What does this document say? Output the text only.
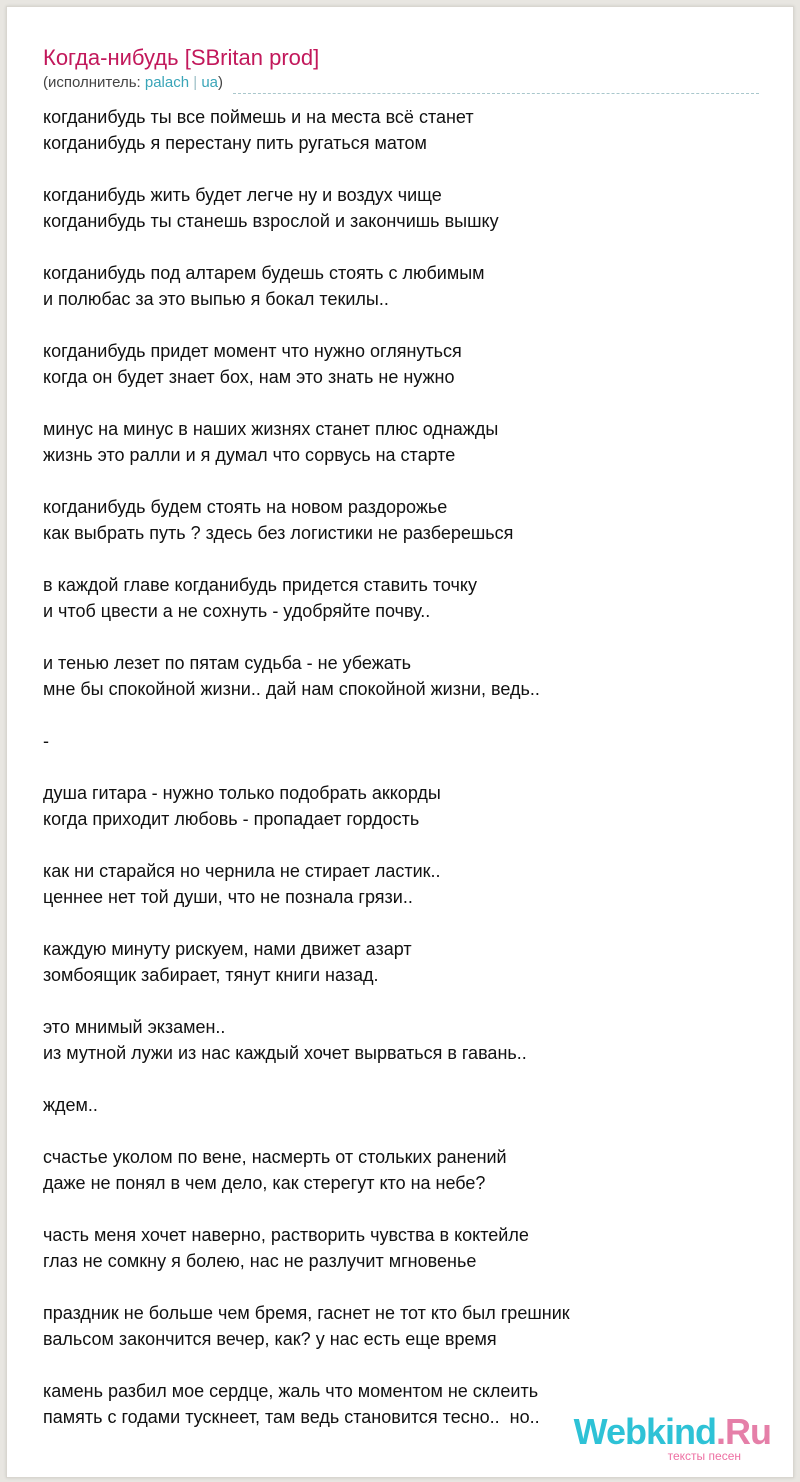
Когда-нибудь [SBritan prod]
(исполнитель: palach | ua)
когданибудь ты все поймешь и на места всё станет
когданибудь я перестану пить ругаться матом
когданибудь жить будет легче ну и воздух чище
когданибудь ты станешь взрослой и закончишь вышку
когданибудь под алтарем будешь стоять с любимым
и полюбас за это выпью я бокал текилы..
когданибудь придет момент что нужно оглянуться
когда он будет знает бох, нам это знать не нужно
минус на минус в наших жизнях станет плюс однажды
жизнь это ралли и я думал что сорвусь на старте
когданибудь будем стоять на новом раздорожье
как выбрать путь ? здесь без логистики не разберешься
в каждой главе когданибудь придется ставить точку
и чтоб цвести а не сохнуть - удобряйте почву..
и тенью лезет по пятам судьба - не убежать
мне бы спокойной жизни.. дай нам спокойной жизни, ведь..
-
душа гитара - нужно только подобрать аккорды
когда приходит любовь - пропадает гордость
как ни старайся но чернила не стирает ластик..
ценнее нет той души, что не познала грязи..
каждую минуту рискуем, нами движет азарт
зомбоящик забирает, тянут книги назад.
это мнимый экзамен..
из мутной лужи из нас каждый хочет вырваться в гавань..
ждем..
счастье уколом по вене, насмерть от стольких ранений
даже не понял в чем дело, как стерегут кто на небе?
часть меня хочет наверно, растворить чувства в коктейле
глаз не сомкну я болею, нас не разлучит мгновенье
праздник не больше чем бремя, гаснет не тот кто был грешник
вальсом закончится вечер, как? у нас есть еще время
камень разбил мое сердце, жаль что моментом не склеить
память с годами тускнеет, там ведь становится тесно..  но.. Webkind.Ru
тексты песен
